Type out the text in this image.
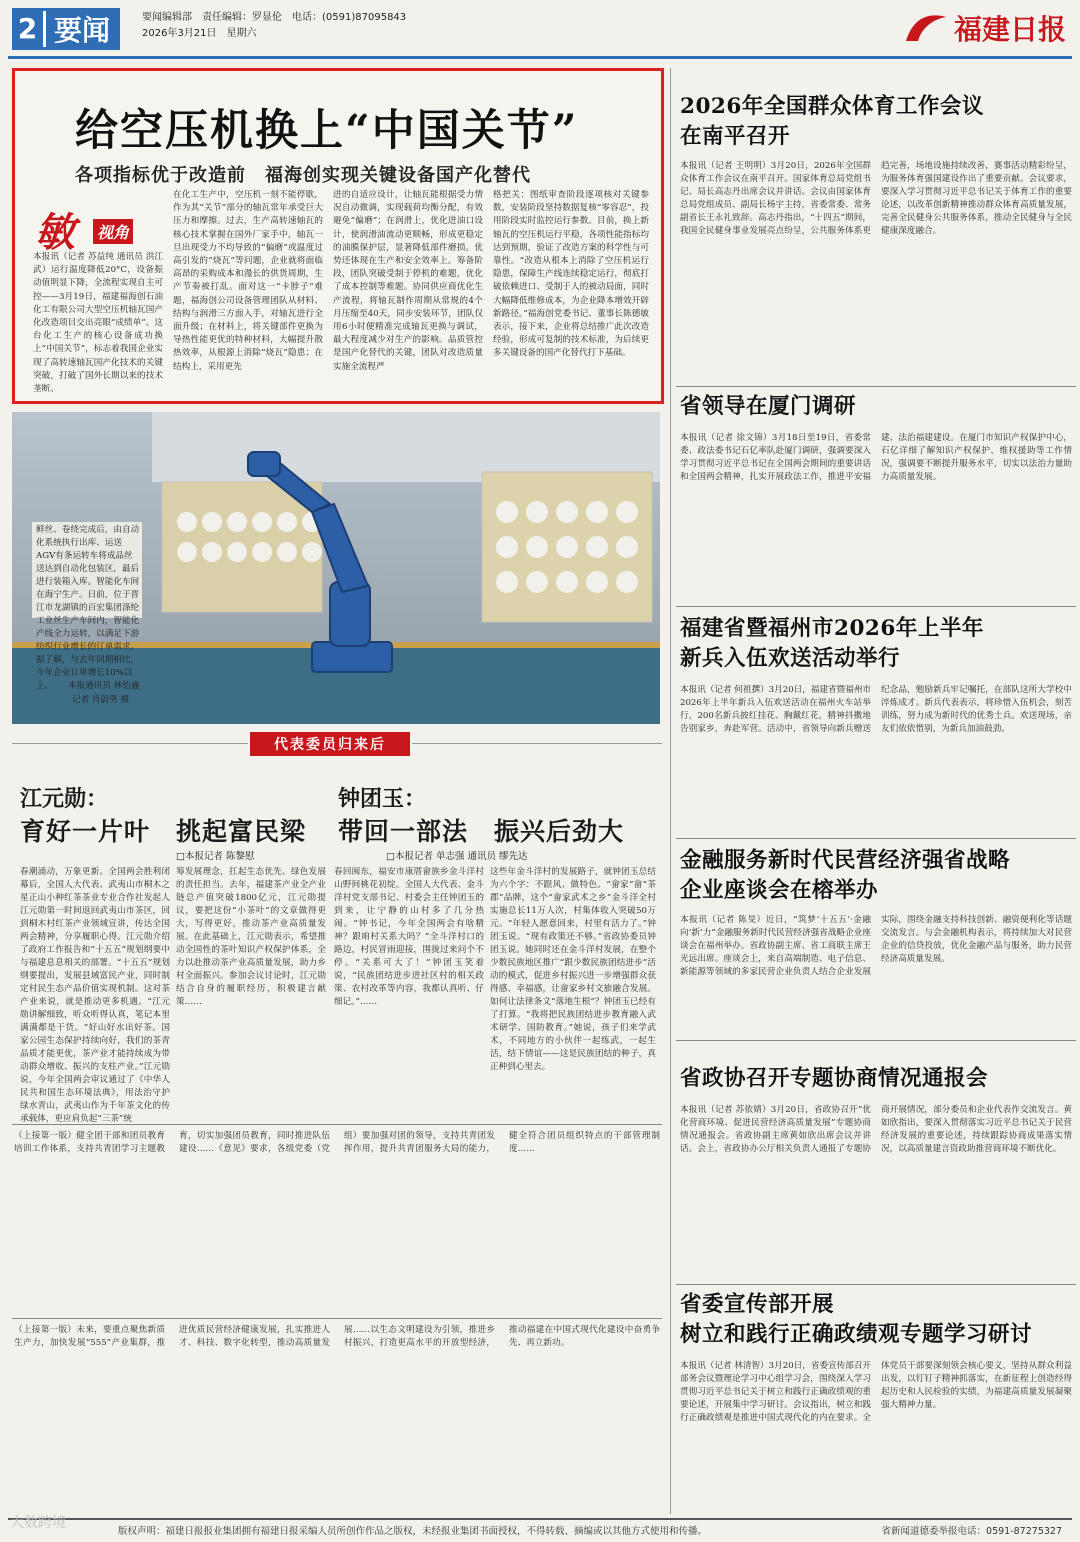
2 要闻	要闻编辑部　责任编辑：罗显伦　电话：(0591)87095843
2026年3月21日　星期六	福建日报
给空压机换上“中国关节”
各项指标优于改造前　福海创实现关键设备国产化替代
敏 视角
本报讯（记者 苏益纯 通讯员 洪江武）运行温度降低20°C，设备振动值明显下降，全流程实现自主可控——3月19日，福建福海创石油化工有限公司大型空压机轴瓦国产化改造项目交出亮眼“成绩单”。这台化工生产的核心设备成功换上“中国关节”，标志着我国企业实现了高转速轴瓦国产化技术的关键突破，打破了国外长期以来的技术垄断。
在化工生产中，空压机一刻不能停歇，作为其“关节”部分的轴瓦常年承受巨大压力和摩擦。过去，生产高转速轴瓦的核心技术掌握在国外厂家手中，轴瓦一旦出现受力不均导致的“偏磨”或温度过高引发的“烧瓦”等问题，企业就将面临高昂的采购成本和漫长的供货周期，生产节奏被打乱。面对这一“卡脖子”难题，福海创公司设备管理团队从材料、结构与润滑三方面入手，对轴瓦进行全面升级；在材料上，将关键部件更换为导热性能更优的特种材料，大幅提升散热效率，从根源上消除“烧瓦”隐患；在结构上，采用更先
进的自适应设计，让轴瓦能根据受力情况自动微调，实现载荷均衡分配，有效避免“偏磨”；在润滑上，优化进油口设计，使润滑油流动更顺畅，形成更稳定的油膜保护层，显著降低部件磨损。优势还体现在生产和安全效率上。筹备阶段，团队突破受制于停机的难题，优化了成本控制等难题。协同供应商优化生产流程，将轴瓦制作周期从常规的4个月压缩至40天，同步安装环节，团队仅用6小时便精准完成轴瓦更换与调试，最大程度减少对生产的影响。品质管控是国产化替代的关键，团队对改造质量实施全流程严
格把关：图纸审查阶段逐项核对关键参数，安装阶段坚持数据复核“零容忍”，投用阶段实时监控运行参数。目前，换上新轴瓦的空压机运行平稳，各项性能指标均达到预期，验证了改造方案的科学性与可靠性。“改造从根本上消除了空压机运行隐患，保障生产线连续稳定运行，彻底打破依赖进口、受制于人的被动局面，同时大幅降低维修成本，为企业降本增效开辟新路径。”福海创党委书记、董事长陈德敏表示，接下来，企业将总结推广此次改造经验，形成可复制的技术标准，为后续更多关键设备的国产化替代打下基础。
鲜丝、卷绕完成后，由自动化系统执行出库、运送AGV有条运转车将成品丝送达到自动化包装区，最后进行装箱入库。智能化车间在海宁生产。日前，位于晋江市龙湖镇的百宏集团涤纶工业丝生产车间内，智能化产线全力运转，以满足下游纺织行业增长的订单需求。据了解，与去年同期相比，今年企业订单增长10%以上。	本报通讯员 林怡鑫
记者 肖蔚男 摄
代表委员归来后
江元勋：
育好一片叶　挑起富民梁
□本报记者 陈黎慰
钟团玉：
带回一部法　振兴后劲大
□本报记者 单志强 通讯员 缪先达
春潮涌动，万象更新。全国两会胜利闭幕后，全国人大代表、武夷山市桐木之星正山小种红茶茶业专业合作社发起人江元勋第一时间返回武夷山市茶区，回到桐木村红茶产业领域宣讲，传达全国两会精神，分享履职心得。江元勋介绍了政府工作报告和“十五五”规划纲要中与福建息息相关的部署。“十五五”规划纲要提出，发展县域富民产业，同时制定村民生态产品价值实现机制。这对茶产业来说，就是推动更多机遇。“江元勋讲解细致，听众听得认真，笔记本里满满都是干货。“好山好水出好茶。国家公园生态保护持续向好，我们的茶青品质才能更优，茶产业才能持续成为带动群众增收、振兴的支柱产业。”江元勋说，今年全国两会审议通过了《中华人民共和国生态环境法典》，用法治守护绿水青山，武夷山作为千年茶文化的传承载体，更应肩负起“三茶”统
筹发展理念，扛起生态优先、绿色发展的责任担当。去年，福建茶产业全产业链总产值突破1800亿元，江元勋提议，要把这份“小茶叶”的文章做得更大，写得更好，推动茶产业高质量发展。在此基础上，江元勋表示，希望推动全国性的茶叶知识产权保护体系，全力以赴推动茶产业高质量发展，助力乡村全面振兴。参加会议讨论时，江元勋结合自身的履职经历，积极建言献策……
春回闽东，福安市康厝畲族乡金斗洋村山野间桃花初绽。全国人大代表、金斗洋村党支部书记、村委会主任钟团玉的到来，让宁静的山村多了几分热闹。“钟书记，今年全国两会有啥精神？跟咱村关系大吗？”全斗洋村口的路边，村民冒雨迎接，围拢过来问个不停。“关系可大了！”钟团玉笑着说，“民族团结进步进社区村的相关政策、农村改革等内容，我都认真听、仔细记。”……
这些年金斗洋村的发展路子，就钟团玉总结为六个字：不跟风、做特色。“畲家”畲“茶郡”品牌，这个“畲家武术之乡”金斗洋全村实施总长11万人次，村集体收入突破50万元。“年轻人愿意回来，村里有活力了。”钟团玉说。“现有政策还不够。”省政协委员钟团玉说。她同时还在金斗洋村发展，在整个少数民族地区推广“跟少数民族团结进步”活动的模式，促进乡村振兴进一步增强群众获得感、幸福感，让畲家乡村文旅融合发展。如何让法律条文“落地生根”？钟团玉已经有了打算。“我将把民族团结进步教育融入武术研学、国防教育。”她说，孩子们来学武术，不同地方的小伙伴一起练武，一起生活，结下情谊——这是民族团结的种子，真正种到心里去。
（上接第一版）健全团干部和团员教育培训工作体系，支持共青团学习主题教育，切实加强团员教育，同时推进队伍建设……《意见》要求，各级党委（党组）要加强对团的领导，支持共青团发挥作用，提升共青团服务大局的能力，健全符合团员组织特点的干部管理制度……
（上接第一版）未来，要重点聚焦新质生产力，加快发展“555”产业集群，推进优质民营经济健康发展，扎实推进人才、科技、数字化转型，推动高质量发展……以生态文明建设为引领，推进乡村振兴，打造更高水平的开放型经济，推动福建在中国式现代化建设中奋勇争先、再立新功。
2026年全国群众体育工作会议
在南平召开
本报讯（记者 王明明）3月20日，2026年全国群众体育工作会议在南平召开。国家体育总局党组书记、局长高志丹出席会议并讲话。会议由国家体育总局党组成员、副局长杨宇主持，省委常委、常务副省长王永礼致辞。高志丹指出，“十四五”期间，我国全民健身事业发展亮点纷呈，公共服务体系更趋完善，场地设施持续改善，赛事活动精彩纷呈，为服务体育强国建设作出了重要贡献。会议要求，要深入学习贯彻习近平总书记关于体育工作的重要论述，以改革创新精神推动群众体育高质量发展，完善全民健身公共服务体系，推动全民健身与全民健康深度融合。
省领导在厦门调研
本报讯（记者 徐文锦）3月18日至19日，省委常委、政法委书记石亿率队赴厦门调研，强调要深入学习贯彻习近平总书记在全国两会期间的重要讲话和全国两会精神，扎实开展政法工作，推进平安福建、法治福建建设。在厦门市知识产权保护中心，石亿详细了解知识产权保护、维权援助等工作情况，强调要不断提升服务水平，切实以法治力量助力高质量发展。
福建省暨福州市2026年上半年
新兵入伍欢送活动举行
本报讯（记者 何祖撰）3月20日，福建省暨福州市2026年上半年新兵入伍欢送活动在福州火车站举行，200名新兵披红挂花、胸戴红花，精神抖擞地告别家乡，奔赴军营。活动中，省领导向新兵赠送纪念品，勉励新兵牢记嘱托，在部队这所大学校中淬炼成才。新兵代表表示，将珍惜入伍机会，刻苦训练，努力成为新时代的优秀士兵。欢送现场，亲友们依依惜别，为新兵加油鼓劲。
金融服务新时代民营经济强省战略
企业座谈会在榕举办
本报讯（记者 陈旻）近日，“筑梦‘十五五’·金融向‘新’力”金融服务新时代民营经济强省战略企业座谈会在福州举办。省政协副主席、省工商联主席王光远出席。座谈会上，来自高端制造、电子信息、新能源等领域的多家民营企业负责人结合企业发展实际，围绕金融支持科技创新、融资便利化等话题交流发言。与会金融机构表示，将持续加大对民营企业的信贷投放，优化金融产品与服务，助力民营经济高质量发展。
省政协召开专题协商情况通报会
本报讯（记者 苏依婧）3月20日，省政协召开“优化营商环境、促进民营经济高质量发展”专题协商情况通报会。省政协副主席黄如欣出席会议并讲话。会上，省政协办公厅相关负责人通报了专题协商开展情况，部分委员和企业代表作交流发言。黄如欣指出，要深入贯彻落实习近平总书记关于民营经济发展的重要论述，持续跟踪协商成果落实情况，以高质量建言资政助推营商环境不断优化。
省委宣传部开展
树立和践行正确政绩观专题学习研讨
本报讯（记者 林清智）3月20日，省委宣传部召开部务会议暨理论学习中心组学习会，围绕深入学习贯彻习近平总书记关于树立和践行正确政绩观的重要论述，开展集中学习研讨。会议指出，树立和践行正确政绩观是推进中国式现代化的内在要求。全体党员干部要深刻领会核心要义，坚持从群众利益出发，以钉钉子精神抓落实，在新征程上创造经得起历史和人民检验的实绩，为福建高质量发展凝聚强大精神力量。
版权声明：福建日报报业集团拥有福建日报采编人员所创作作品之版权，未经报业集团书面授权，不得转载、摘编或以其他方式使用和传播。	省新闻道德委举报电话：0591-87275327
大数跨境
